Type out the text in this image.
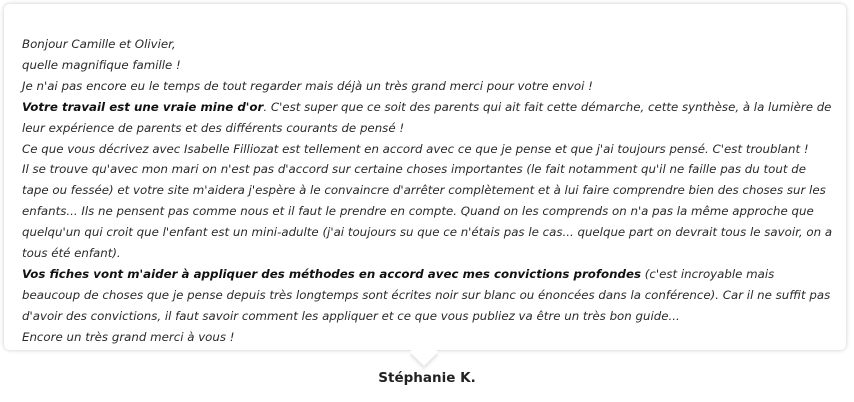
Bonjour Camille et Olivier,

quelle magnifique famille !

Je n'ai pas encore eu le temps de tout regarder mais déjà un très grand merci pour votre envoi !

Votre travail est une vraie mine d'or. C'est super que ce soit des parents qui ait fait cette démarche, cette synthèse, à la lumière de leur expérience de parents et des différents courants de pensé !

Ce que vous décrivez avec Isabelle Filliozat est tellement en accord avec ce que je pense et que j'ai toujours pensé. C'est troublant !

Il se trouve qu'avec mon mari on n'est pas d'accord sur certaine choses importantes (le fait notamment qu'il ne faille pas du tout de tape ou fessée) et votre site m'aidera j'espère à le convaincre d'arrêter complètement et à lui faire comprendre bien des choses sur les enfants... Ils ne pensent pas comme nous et il faut le prendre en compte. Quand on les comprends on n'a pas la même approche que quelqu'un qui croit que l'enfant est un mini-adulte (j'ai toujours su que ce n'étais pas le cas... quelque part on devrait tous le savoir, on a tous été enfant).

Vos fiches vont m'aider à appliquer des méthodes en accord avec mes convictions profondes (c'est incroyable mais beaucoup de choses que je pense depuis très longtemps sont écrites noir sur blanc ou énoncées dans la conférence). Car il ne suffit pas d'avoir des convictions, il faut savoir comment les appliquer et ce que vous publiez va être un très bon guide...

Encore un très grand merci à vous !

Stéphanie K.
